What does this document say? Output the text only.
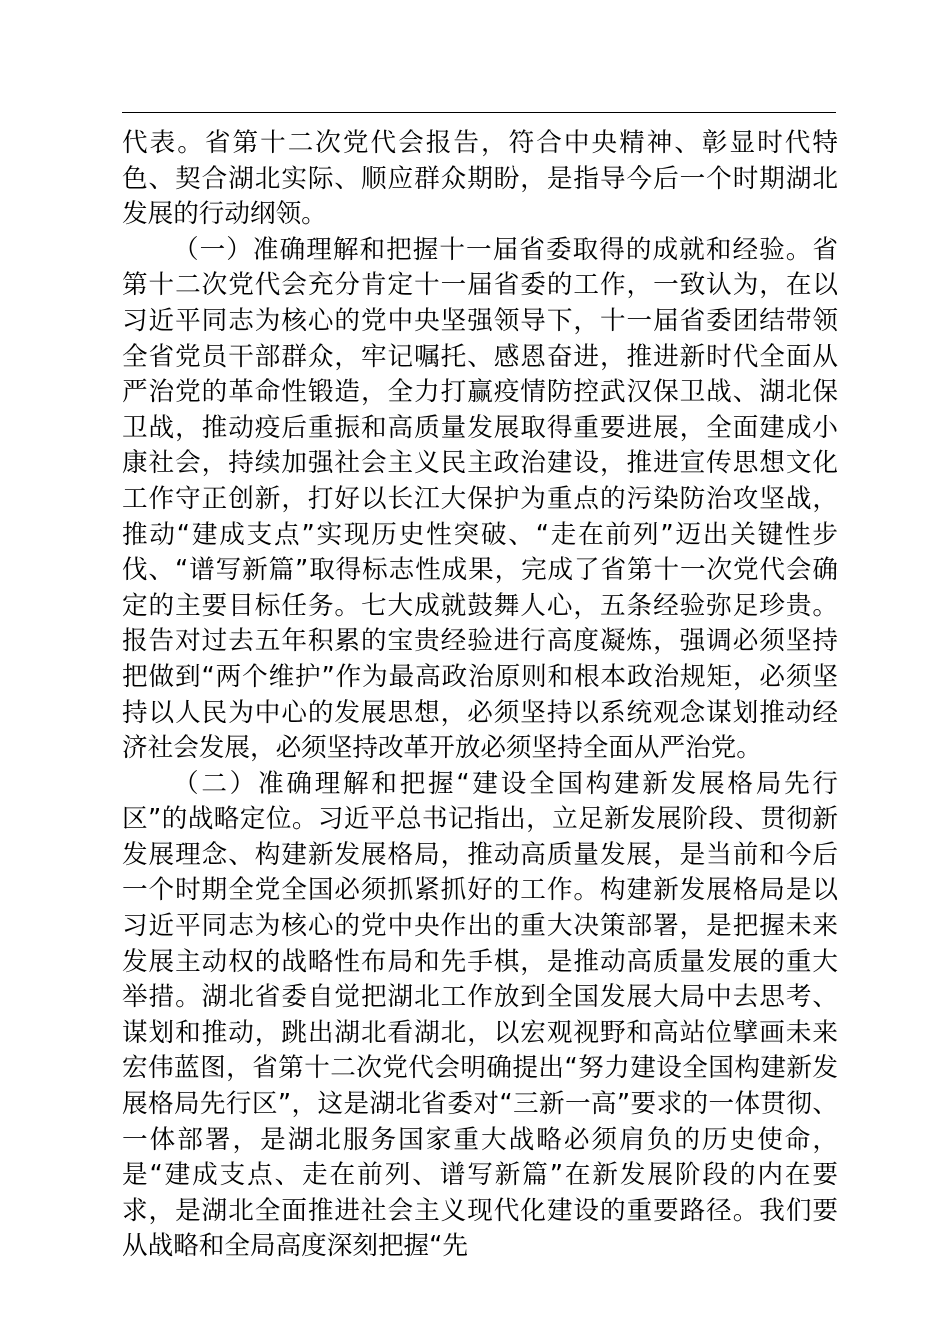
代表。省第十二次党代会报告，符合中央精神、彰显时代特色、契合湖北实际、顺应群众期盼，是指导今后一个时期湖北发展的行动纲领。

（一）准确理解和把握十一届省委取得的成就和经验。省第十二次党代会充分肯定十一届省委的工作，一致认为，在以习近平同志为核心的党中央坚强领导下，十一届省委团结带领全省党员干部群众，牢记嘱托、感恩奋进，推进新时代全面从严治党的革命性锻造，全力打赢疫情防控武汉保卫战、湖北保卫战，推动疫后重振和高质量发展取得重要进展，全面建成小康社会，持续加强社会主义民主政治建设，推进宣传思想文化工作守正创新，打好以长江大保护为重点的污染防治攻坚战，推动“建成支点”实现历史性突破、“走在前列”迈出关键性步伐、“谱写新篇”取得标志性成果，完成了省第十一次党代会确定的主要目标任务。七大成就鼓舞人心，五条经验弥足珍贵。报告对过去五年积累的宝贵经验进行高度凝炼，强调必须坚持把做到“两个维护”作为最高政治原则和根本政治规矩，必须坚持以人民为中心的发展思想，必须坚持以系统观念谋划推动经济社会发展，必须坚持改革开放必须坚持全面从严治党。

（二）准确理解和把握“建设全国构建新发展格局先行区”的战略定位。习近平总书记指出，立足新发展阶段、贯彻新发展理念、构建新发展格局，推动高质量发展，是当前和今后一个时期全党全国必须抓紧抓好的工作。构建新发展格局是以习近平同志为核心的党中央作出的重大决策部署，是把握未来发展主动权的战略性布局和先手棋，是推动高质量发展的重大举措。湖北省委自觉把湖北工作放到全国发展大局中去思考、谋划和推动，跳出湖北看湖北，以宏观视野和高站位擘画未来宏伟蓝图，省第十二次党代会明确提出“努力建设全国构建新发展格局先行区”，这是湖北省委对“三新一高”要求的一体贯彻、一体部署，是湖北服务国家重大战略必须肩负的历史使命，是“建成支点、走在前列、谱写新篇”在新发展阶段的内在要求，是湖北全面推进社会主义现代化建设的重要路径。我们要从战略和全局高度深刻把握“先
